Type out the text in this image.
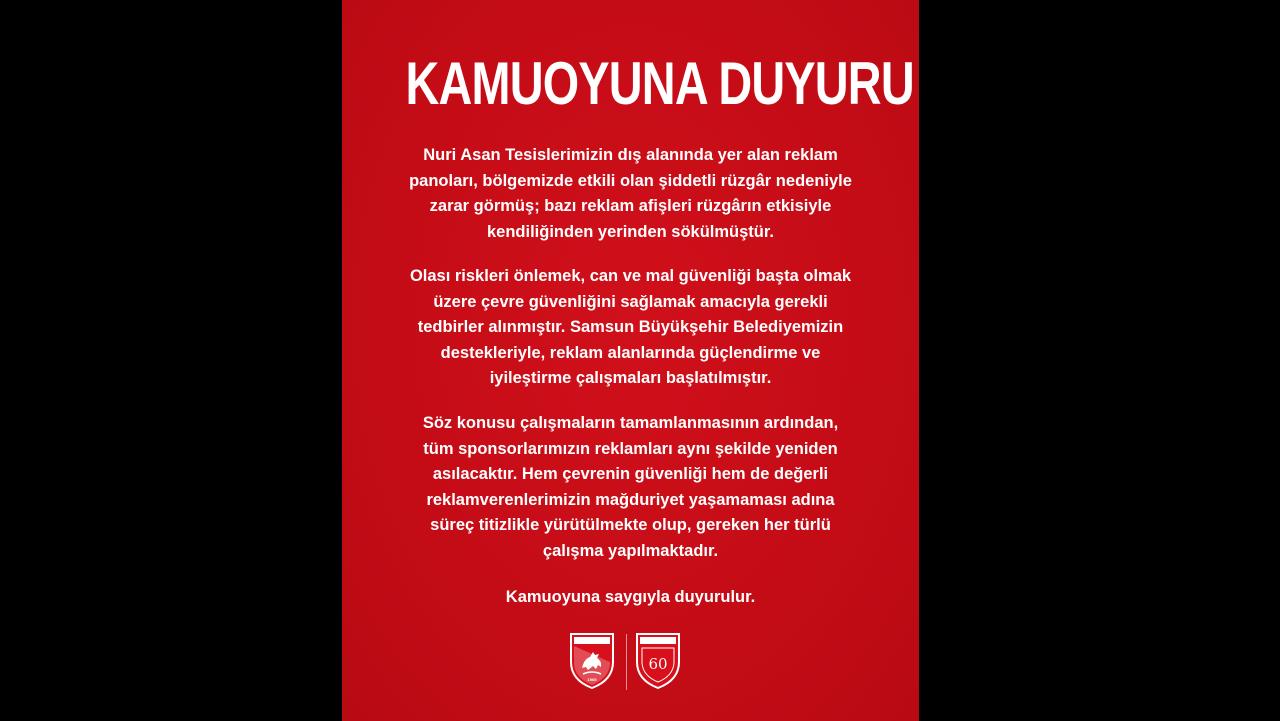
KAMUOYUNA DUYURU

Nuri Asan Tesislerimizin dış alanında yer alan reklam
panoları, bölgemizde etkili olan şiddetli rüzgâr nedeniyle
zarar görmüş; bazı reklam afişleri rüzgârın etkisiyle
kendiliğinden yerinden sökülmüştür.

Olası riskleri önlemek, can ve mal güvenliği başta olmak
üzere çevre güvenliğini sağlamak amacıyla gerekli
tedbirler alınmıştır. Samsun Büyükşehir Belediyemizin
destekleriyle, reklam alanlarında güçlendirme ve
iyileştirme çalışmaları başlatılmıştır.

Söz konusu çalışmaların tamamlanmasının ardından,
tüm sponsorlarımızın reklamları aynı şekilde yeniden
asılacaktır. Hem çevrenin güvenliği hem de değerli
reklamverenlerimizin mağduriyet yaşamaması adına
süreç titizlikle yürütülmekte olup, gereken her türlü
çalışma yapılmaktadır.

Kamuoyuna saygıyla duyurulur.

SAMSUNSPOR
1965
SAMSUNSPOR
60
